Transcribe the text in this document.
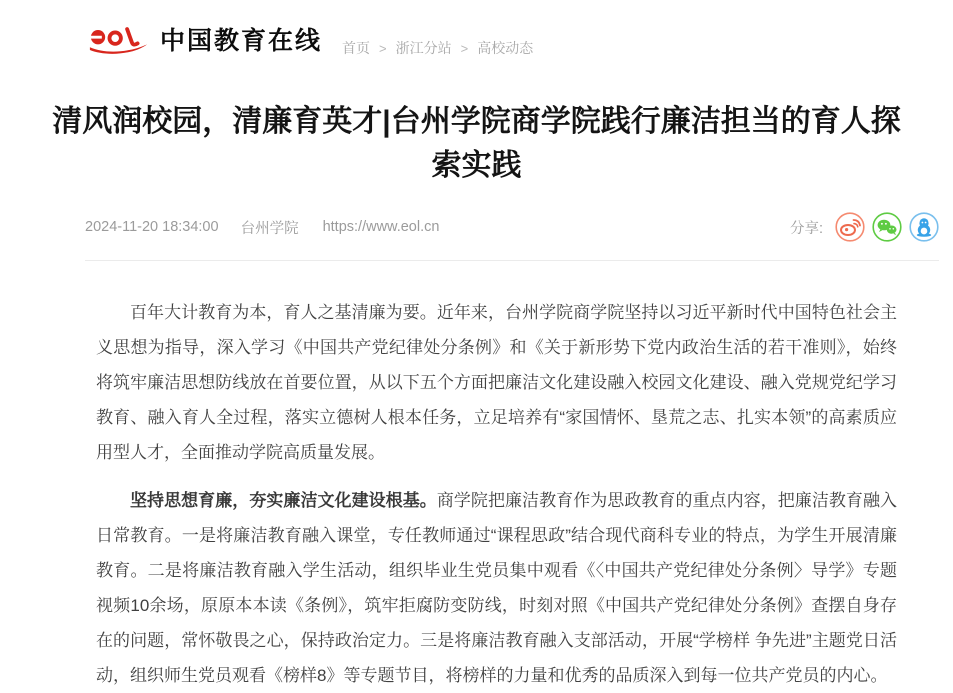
中国教育在线 首页 > 浙江分站 > 高校动态
清风润校园，清廉育英才|台州学院商学院践行廉洁担当的育人探索实践
2024-11-20 18:34:00 台州学院 https://www.eol.cn	分享:

百年大计教育为本，育人之基清廉为要。近年来，台州学院商学院坚持以习近平新时代中国特色社会主义思想为指导，深入学习《中国共产党纪律处分条例》和《关于新形势下党内政治生活的若干准则》，始终将筑牢廉洁思想防线放在首要位置，从以下五个方面把廉洁文化建设融入校园文化建设、融入党规党纪学习教育、融入育人全过程，落实立德树人根本任务，立足培养有“家国情怀、垦荒之志、扎实本领”的高素质应用型人才，全面推动学院高质量发展。

坚持思想育廉，夯实廉洁文化建设根基。商学院把廉洁教育作为思政教育的重点内容，把廉洁教育融入日常教育。一是将廉洁教育融入课堂，专任教师通过“课程思政”结合现代商科专业的特点，为学生开展清廉教育。二是将廉洁教育融入学生活动，组织毕业生党员集中观看《〈中国共产党纪律处分条例〉导学》专题视频10余场，原原本本读《条例》，筑牢拒腐防变防线，时刻对照《中国共产党纪律处分条例》查摆自身存在的问题，常怀敬畏之心，保持政治定力。三是将廉洁教育融入支部活动，开展“学榜样 争先进”主题党日活动，组织师生党员观看《榜样8》等专题节目，将榜样的力量和优秀的品质深入到每一位共产党员的内心。
